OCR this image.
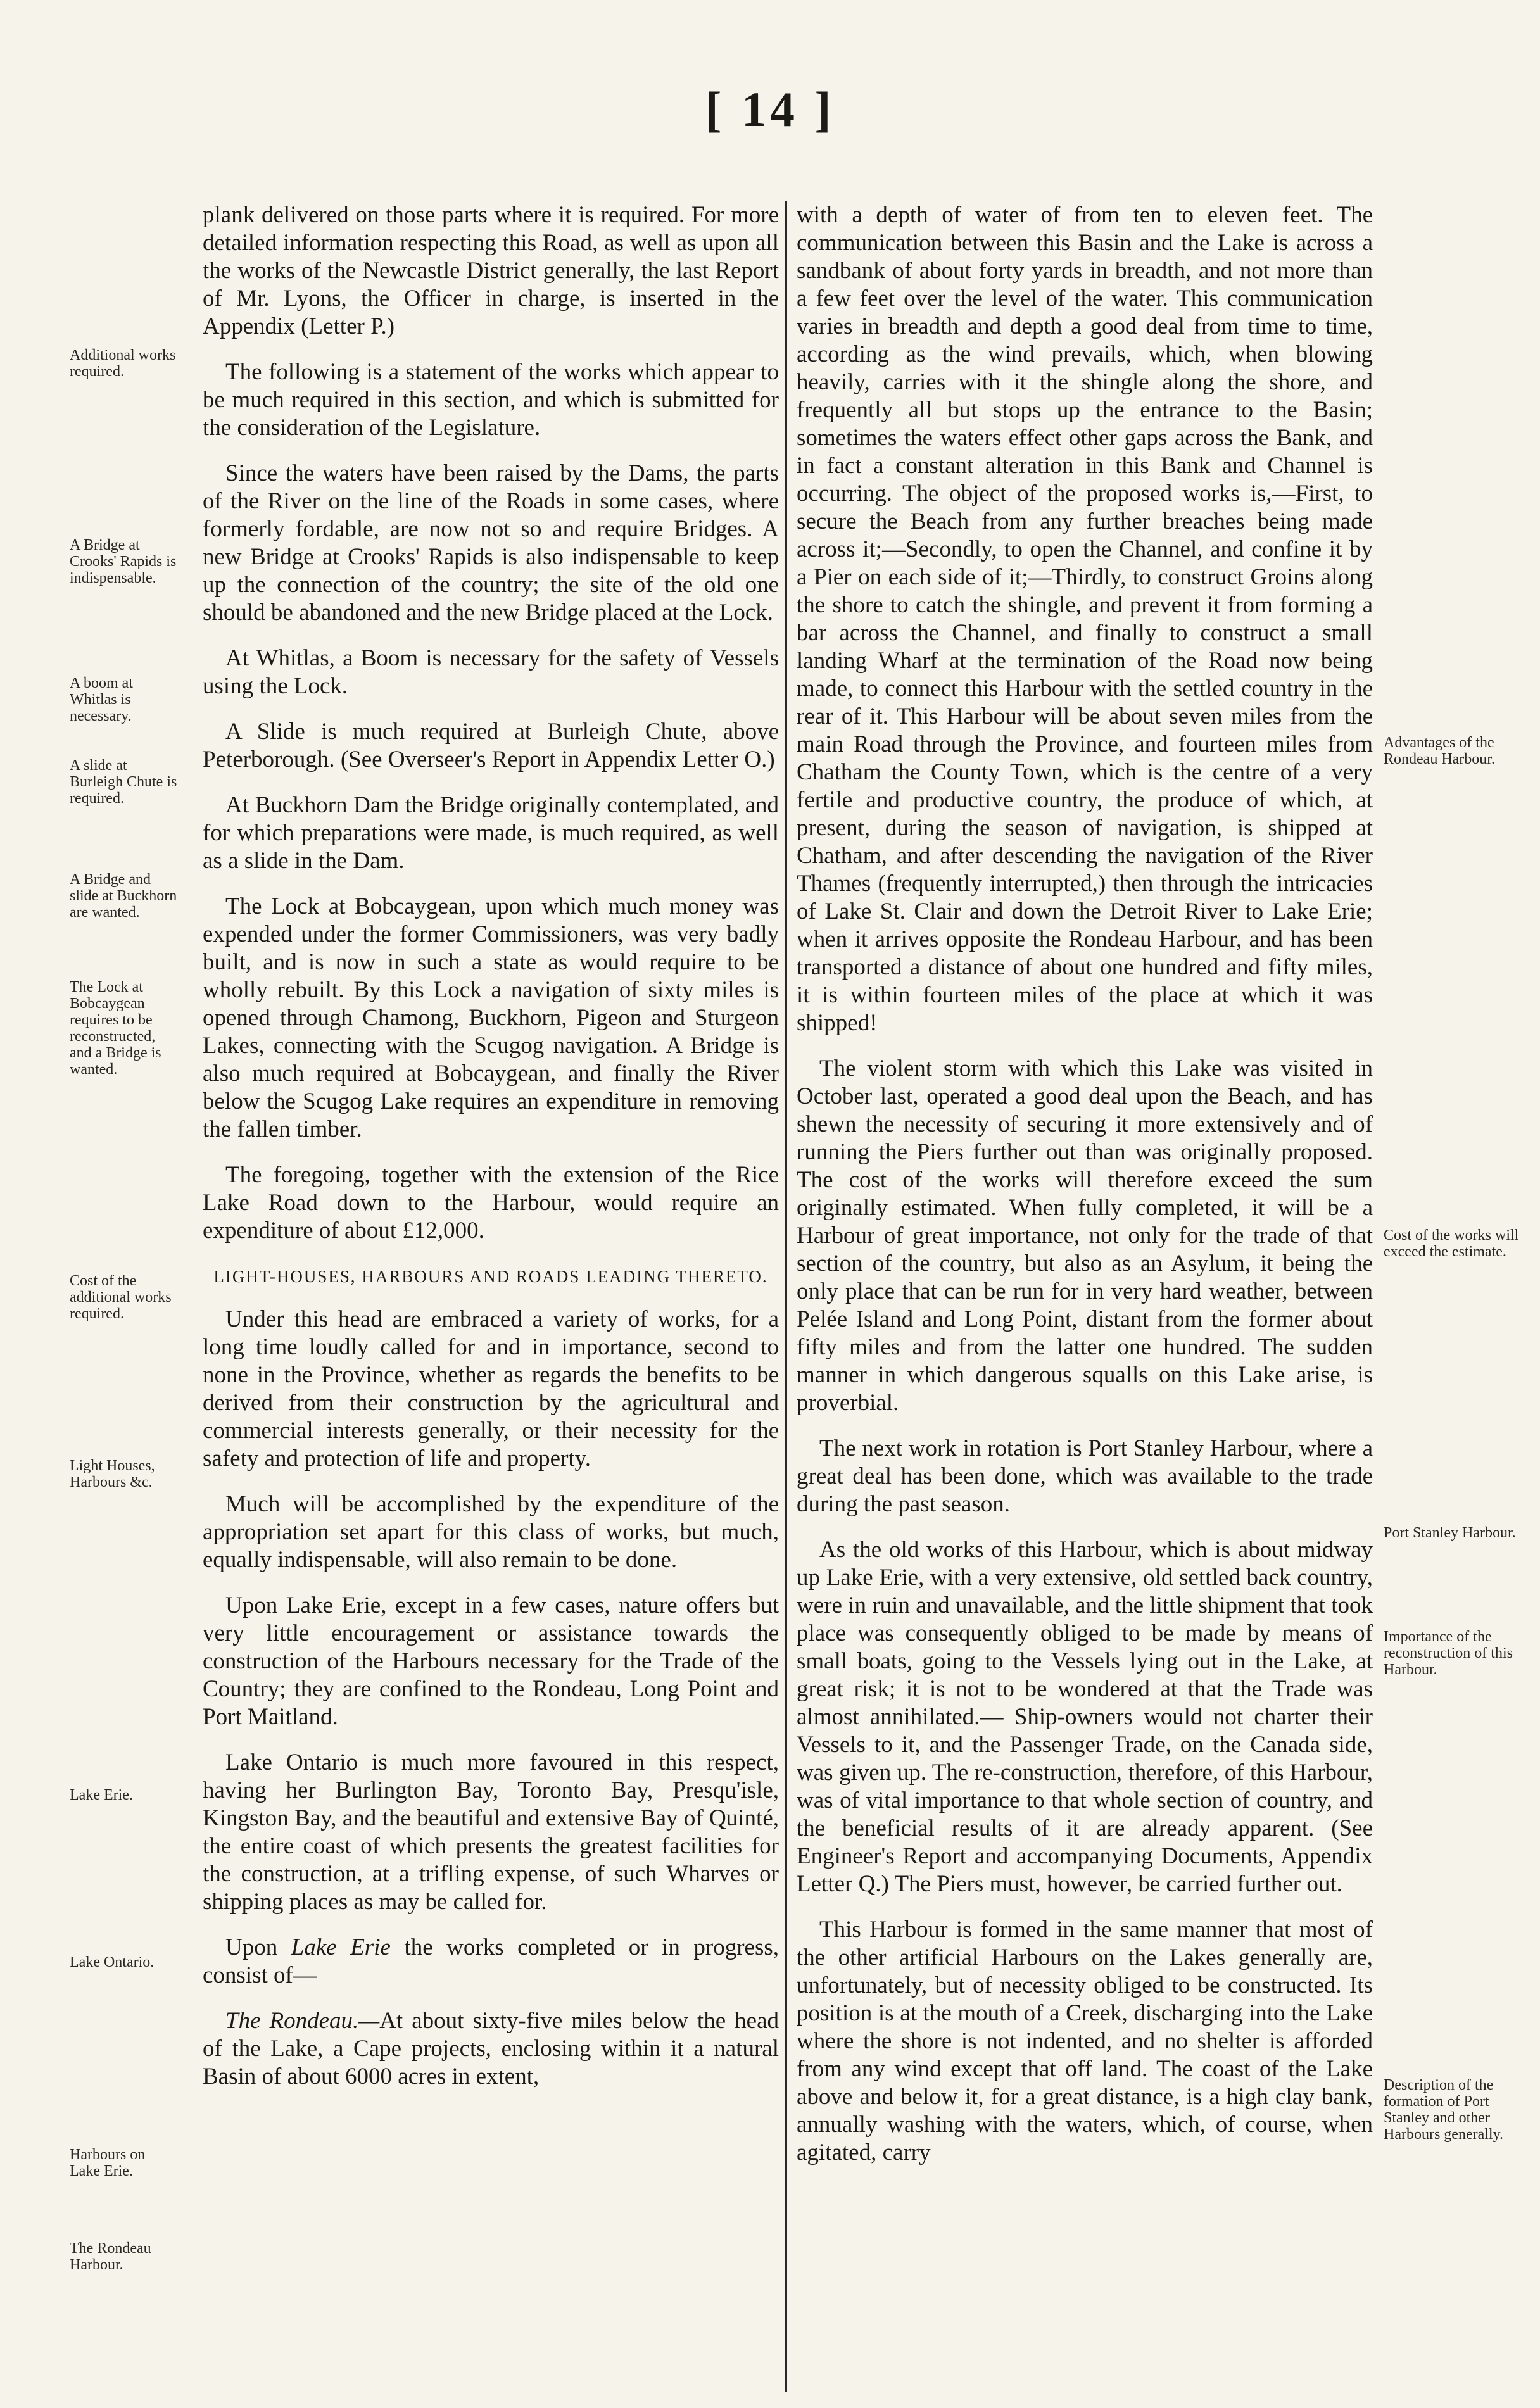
[ 14 ]

plank delivered on those parts where it is required. For more detailed information respecting this Road, as well as upon all the works of the Newcastle District generally, the last Report of Mr. Lyons, the Officer in charge, is inserted in the Appendix (Letter P.)

The following is a statement of the works which appear to be much required in this section, and which is submitted for the consideration of the Legislature.

Since the waters have been raised by the Dams, the parts of the River on the line of the Roads in some cases, where formerly fordable, are now not so and require Bridges. A new Bridge at Crooks' Rapids is also indispensable to keep up the connection of the country; the site of the old one should be abandoned and the new Bridge placed at the Lock.

At Whitlas, a Boom is necessary for the safety of Vessels using the Lock.

A Slide is much required at Burleigh Chute, above Peterborough. (See Overseer's Report in Appendix Letter O.)

At Buckhorn Dam the Bridge originally contemplated, and for which preparations were made, is much required, as well as a slide in the Dam.

The Lock at Bobcaygean, upon which much money was expended under the former Commissioners, was very badly built, and is now in such a state as would require to be wholly rebuilt. By this Lock a navigation of sixty miles is opened through Chamong, Buckhorn, Pigeon and Sturgeon Lakes, connecting with the Scugog navigation. A Bridge is also much required at Bobcaygean, and finally the River below the Scugog Lake requires an expenditure in removing the fallen timber.

The foregoing, together with the extension of the Rice Lake Road down to the Harbour, would require an expenditure of about £12,000.

LIGHT-HOUSES, HARBOURS AND ROADS LEADING THERETO.

Under this head are embraced a variety of works, for a long time loudly called for and in importance, second to none in the Province, whether as regards the benefits to be derived from their construction by the agricultural and commercial interests generally, or their necessity for the safety and protection of life and property.

Much will be accomplished by the expenditure of the appropriation set apart for this class of works, but much, equally indispensable, will also remain to be done.

Upon Lake Erie, except in a few cases, nature offers but very little encouragement or assistance towards the construction of the Harbours necessary for the Trade of the Country; they are confined to the Rondeau, Long Point and Port Maitland.

Lake Ontario is much more favoured in this respect, having her Burlington Bay, Toronto Bay, Presqu'isle, Kingston Bay, and the beautiful and extensive Bay of Quinté, the entire coast of which presents the greatest facilities for the construction, at a trifling expense, of such Wharves or shipping places as may be called for.

Upon Lake Erie the works completed or in progress, consist of—

The Rondeau.—At about sixty-five miles below the head of the Lake, a Cape projects, enclosing within it a natural Basin of about 6000 acres in extent,

with a depth of water of from ten to eleven feet. The communication between this Basin and the Lake is across a sandbank of about forty yards in breadth, and not more than a few feet over the level of the water. This communication varies in breadth and depth a good deal from time to time, according as the wind prevails, which, when blowing heavily, carries with it the shingle along the shore, and frequently all but stops up the entrance to the Basin; sometimes the waters effect other gaps across the Bank, and in fact a constant alteration in this Bank and Channel is occurring. The object of the proposed works is,—First, to secure the Beach from any further breaches being made across it;—Secondly, to open the Channel, and confine it by a Pier on each side of it;—Thirdly, to construct Groins along the shore to catch the shingle, and prevent it from forming a bar across the Channel, and finally to construct a small landing Wharf at the termination of the Road now being made, to connect this Harbour with the settled country in the rear of it. This Harbour will be about seven miles from the main Road through the Province, and fourteen miles from Chatham the County Town, which is the centre of a very fertile and productive country, the produce of which, at present, during the season of navigation, is shipped at Chatham, and after descending the navigation of the River Thames (frequently interrupted,) then through the intricacies of Lake St. Clair and down the Detroit River to Lake Erie; when it arrives opposite the Rondeau Harbour, and has been transported a distance of about one hundred and fifty miles, it is within fourteen miles of the place at which it was shipped!

The violent storm with which this Lake was visited in October last, operated a good deal upon the Beach, and has shewn the necessity of securing it more extensively and of running the Piers further out than was originally proposed. The cost of the works will therefore exceed the sum originally estimated. When fully completed, it will be a Harbour of great importance, not only for the trade of that section of the country, but also as an Asylum, it being the only place that can be run for in very hard weather, between Pelée Island and Long Point, distant from the former about fifty miles and from the latter one hundred. The sudden manner in which dangerous squalls on this Lake arise, is proverbial.

The next work in rotation is Port Stanley Harbour, where a great deal has been done, which was available to the trade during the past season.

As the old works of this Harbour, which is about midway up Lake Erie, with a very extensive, old settled back country, were in ruin and unavailable, and the little shipment that took place was consequently obliged to be made by means of small boats, going to the Vessels lying out in the Lake, at great risk; it is not to be wondered at that the Trade was almost annihilated.— Ship-owners would not charter their Vessels to it, and the Passenger Trade, on the Canada side, was given up. The re-construction, therefore, of this Harbour, was of vital importance to that whole section of country, and the beneficial results of it are already apparent. (See Engineer's Report and accompanying Documents, Appendix Letter Q.) The Piers must, however, be carried further out.

This Harbour is formed in the same manner that most of the other artificial Harbours on the Lakes generally are, unfortunately, but of necessity obliged to be constructed. Its position is at the mouth of a Creek, discharging into the Lake where the shore is not indented, and no shelter is afforded from any wind except that off land. The coast of the Lake above and below it, for a great distance, is a high clay bank, annually washing with the waters, which, of course, when agitated, carry

Additional works required.
A Bridge at Crooks' Rapids is indispensable.
A boom at Whitlas is necessary.
A slide at Burleigh Chute is required.
A Bridge and slide at Buckhorn are wanted.
The Lock at Bobcaygean requires to be reconstructed, and a Bridge is wanted.
Cost of the additional works required.
Light Houses, Harbours &c.
Lake Erie.
Lake Ontario.
Harbours on Lake Erie.
The Rondeau Harbour.
Advantages of the Rondeau Harbour.
Cost of the works will exceed the estimate.
Port Stanley Harbour.
Importance of the reconstruction of this Harbour.
Description of the formation of Port Stanley and other Harbours generally.
